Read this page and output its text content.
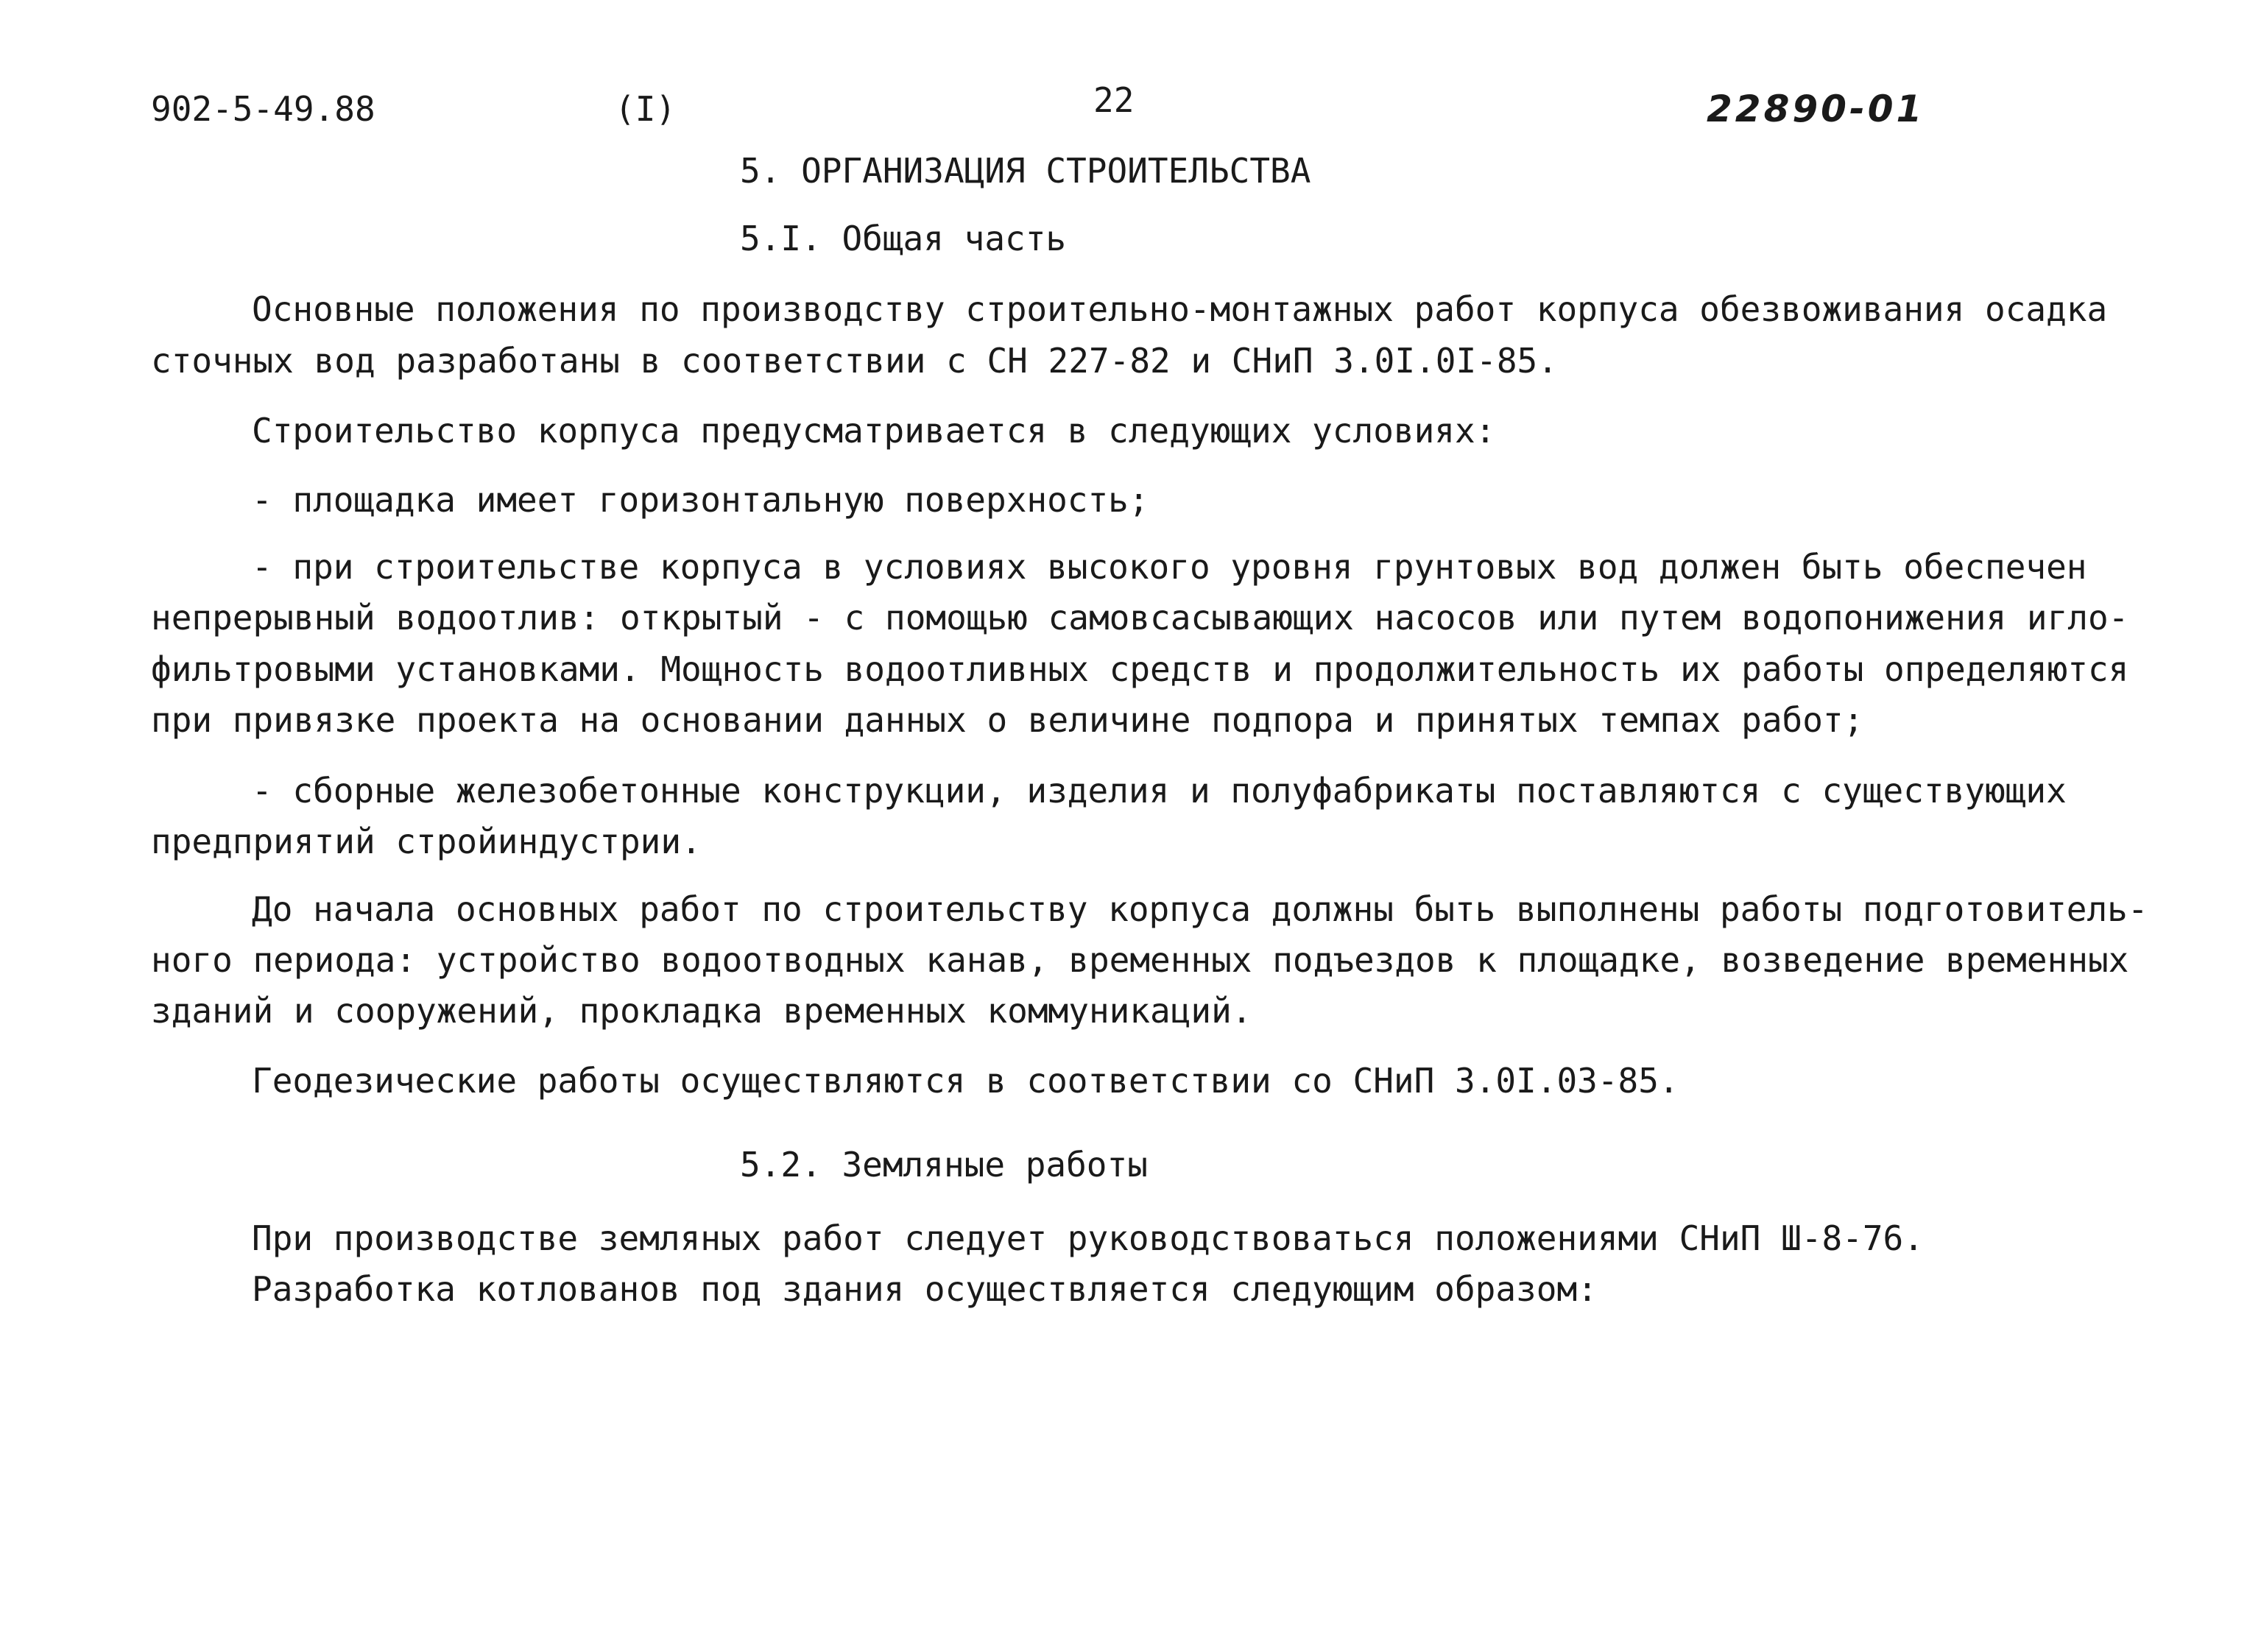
902-5-49.88	(I)	22	22890-01
5. ОРГАНИЗАЦИЯ СТРОИТЕЛЬСТВА
5.I. Общая часть
Основные положения по производству строительно-монтажных работ корпуса обезвоживания осадка
сточных вод разработаны в соответствии с СН 227-82 и СНиП 3.0I.0I-85.
Строительство корпуса предусматривается в следующих условиях:
- площадка имеет горизонтальную поверхность;
- при строительстве корпуса в условиях высокого уровня грунтовых вод должен быть обеспечен
непрерывный водоотлив: открытый - с помощью самовсасывающих насосов или путем водопонижения игло-
фильтровыми установками. Мощность водоотливных средств и продолжительность их работы определяются
при привязке проекта на основании данных о величине подпора и принятых темпах работ;
- сборные железобетонные конструкции, изделия и полуфабрикаты поставляются с существующих
предприятий стройиндустрии.
До начала основных работ по строительству корпуса должны быть выполнены работы подготовитель-
ного периода: устройство водоотводных канав, временных подъездов к площадке, возведение временных
зданий и сооружений, прокладка временных коммуникаций.
Геодезические работы осуществляются в соответствии со СНиП 3.0I.03-85.
5.2. Земляные работы
При производстве земляных работ следует руководствоваться положениями СНиП Ш-8-76.
Разработка котлованов под здания осуществляется следующим образом:
